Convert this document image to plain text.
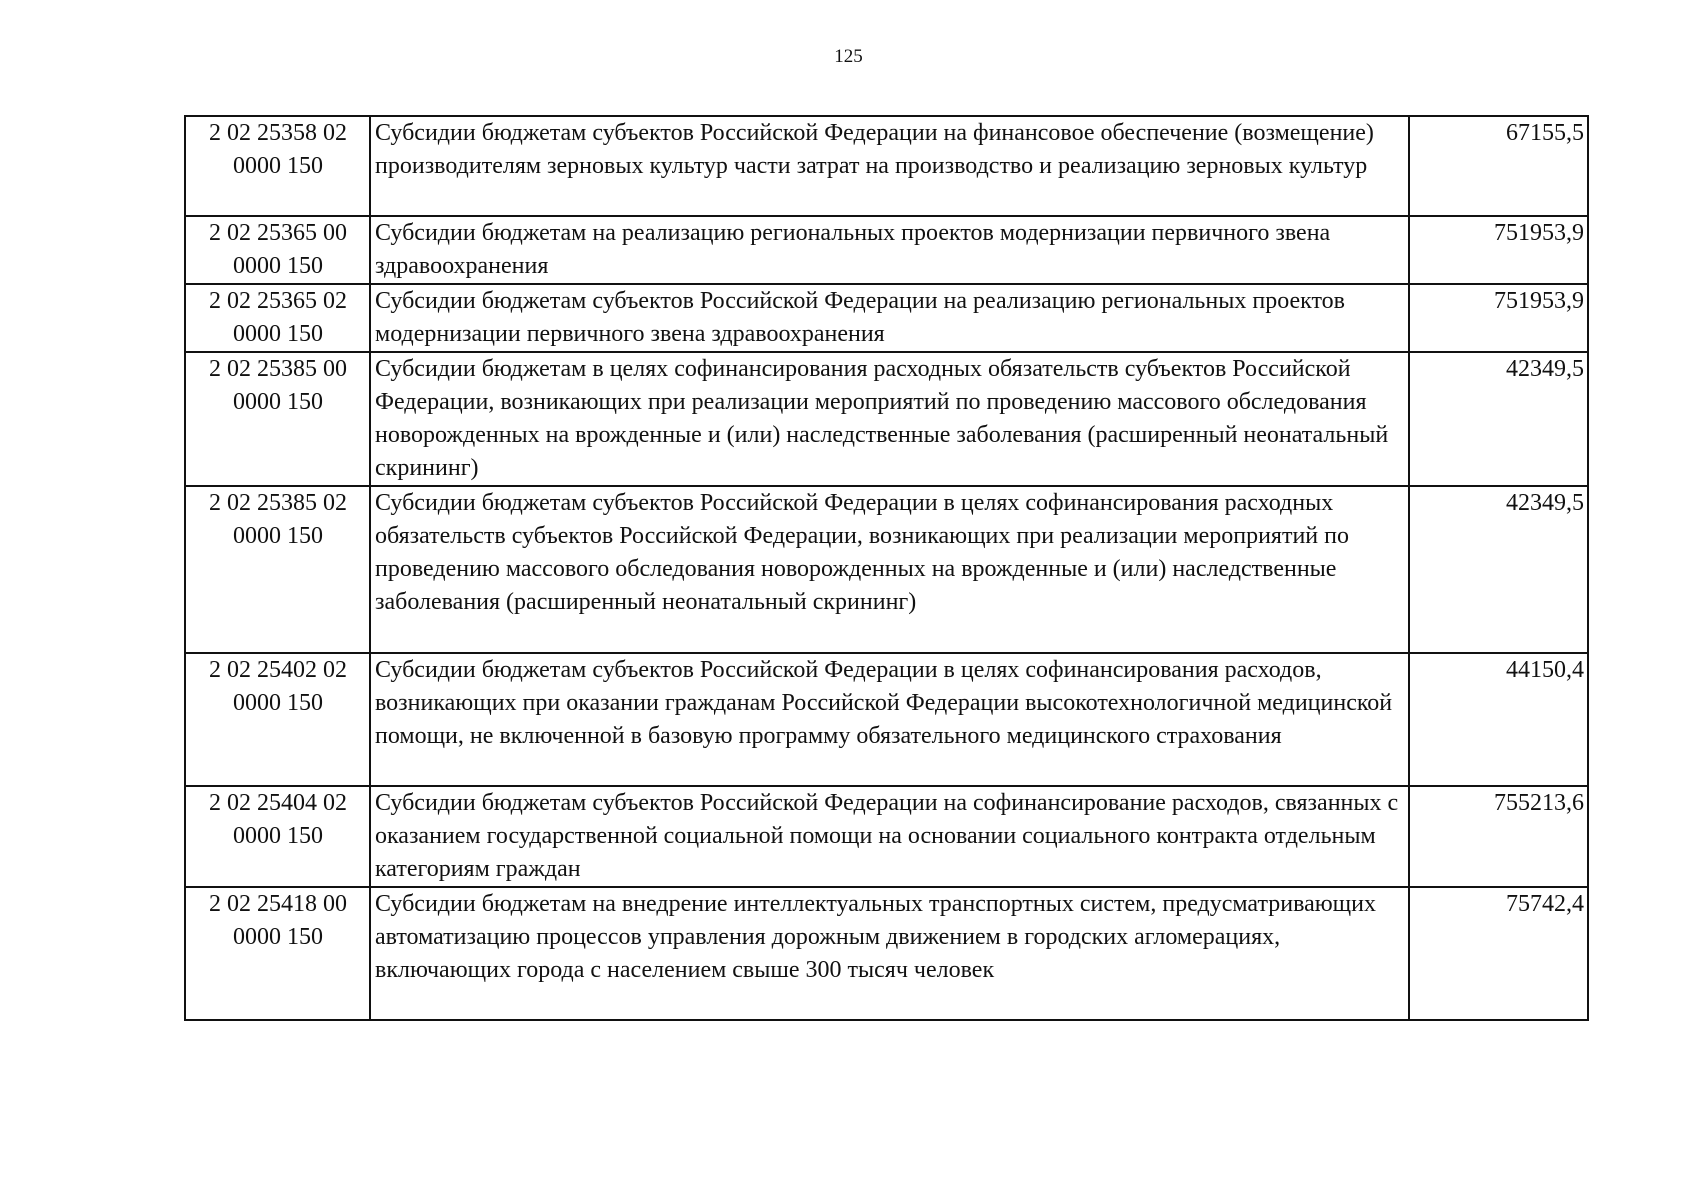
125
2 02 25358 02
0000 150	Субсидии бюджетам субъектов Российской Федерации на финансовое обеспечение (возмещение) производителям зерновых культур части затрат на производство и реализацию зерновых культур	67155,5
2 02 25365 00
0000 150	Субсидии бюджетам на реализацию региональных проектов модернизации первичного звена здравоохранения	751953,9
2 02 25365 02
0000 150	Субсидии бюджетам субъектов Российской Федерации на реализацию региональных проектов модернизации первичного звена здравоохранения	751953,9
2 02 25385 00
0000 150	Субсидии бюджетам в целях софинансирования расходных обязательств субъектов Российской Федерации, возникающих при реализации мероприятий по проведению массового обследования новорожденных на врожденные и (или) наследственные заболевания (расширенный неонатальный скрининг)	42349,5
2 02 25385 02
0000 150	Субсидии бюджетам субъектов Российской Федерации в целях софинансирования расходных обязательств субъектов Российской Федерации, возникающих при реализации мероприятий по проведению массового обследования новорожденных на врожденные и (или) наследственные заболевания (расширенный неонатальный скрининг)	42349,5
2 02 25402 02
0000 150	Субсидии бюджетам субъектов Российской Федерации в целях софинансирования расходов, возникающих при оказании гражданам Российской Федерации высокотехнологичной медицинской помощи, не включенной в базовую программу обязательного медицинского страхования	44150,4
2 02 25404 02
0000 150	Субсидии бюджетам субъектов Российской Федерации на софинансирование расходов, связанных с оказанием государственной социальной помощи на основании социального контракта отдельным категориям граждан	755213,6
2 02 25418 00
0000 150	Субсидии бюджетам на внедрение интеллектуальных транспортных систем, предусматривающих автоматизацию процессов управления дорожным движением в городских агломерациях, включающих города с населением свыше 300 тысяч человек	75742,4
